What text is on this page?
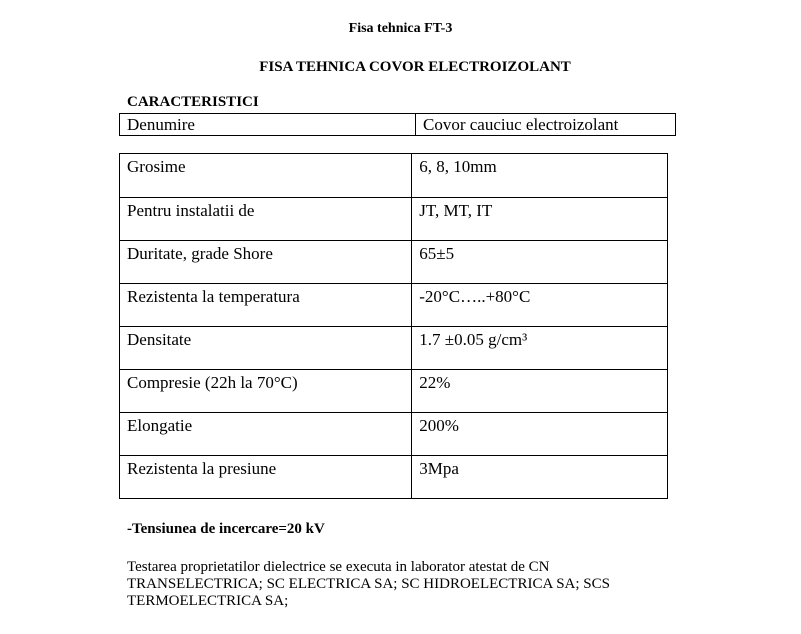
Fisa tehnica FT-3

FISA TEHNICA COVOR ELECTROIZOLANT

CARACTERISTICI

Denumire	Covor cauciuc electroizolant
Grosime	6, 8, 10mm
Pentru instalatii de	JT, MT, IT
Duritate, grade Shore	65±5
Rezistenta la temperatura	-20°C…..+80°C
Densitate	1.7 ±0.05 g/cm³
Compresie (22h la 70°C)	22%
Elongatie	200%
Rezistenta la presiune	3Mpa

-Tensiunea de incercare=20 kV

Testarea proprietatilor dielectrice se executa in laborator atestat de CN TRANSELECTRICA; SC ELECTRICA SA; SC HIDROELECTRICA SA; SCS TERMOELECTRICA SA;
